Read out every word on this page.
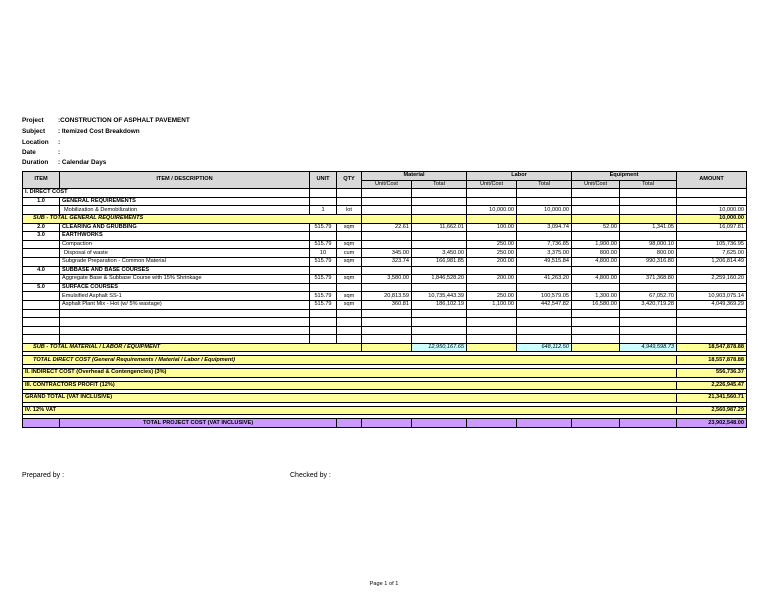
Project :CONSTRUCTION OF ASPHALT PAVEMENT
Subject : Itemized Cost Breakdown
Location :
Date	:
Duration : Calendar Days
ITEM	ITEM / DESCRIPTION	UNIT	QTY	Material		Labor		Equipment		AMOUNT
				Unit/Cost	Total	Unit/Cost	Total	Unit/Cost	Total	
I. DIRECT COST										
1.0	GENERAL REQUIREMENTS									
	Mobilization & Demobilization	1	lot			10,000.00	10,000.00			10,000.00
SUB - TOTAL GENERAL REQUIREMENTS										10,000.00
2.0	CLEARING AND GRUBBING	515.79	sqm	22.61	11,662.01	100.00	3,094.74	52.00	1,341.05	16,097.81
3.0	EARTHWORKS									
	Compaction	515.79	sqm			250.00	7,736.85	1,900.00	98,000.10	105,736.95
	Disposal of waste	10	cum	345.00	3,450.00	250.00	3,375.00	800.00	800.00	7,625.00
	Subgrade Preparation - Common Material	515.79	sqm	323.74	166,981.85	200.00	49,515.84	4,800.00	990,316.80	1,206,814.49
4.0	SUBBASE AND BASE COURSES									
	Aggregate Base & Subbase Course with 15% Shrinkage	515.79	sqm	3,580.00	1,846,528.20	200.00	41,263.20	4,800.00	371,368.80	2,259,160.20
5.0	SURFACE COURSES									
	Emulsified Asphalt SS-1	515.79	sqm	20,813.59	10,735,443.39	250.00	100,579.05	1,300.00	67,052.70	10,903,075.14
	Asphalt Plant Mix - Hot (w/ 5% wastage)	515.79	sqm	360.81	186,102.19	1,100.00	442,547.82	16,580.00	3,420,719.28	4,049,369.29

SUB - TOTAL MATERIAL / LABOR / EQUIPMENT					12,950,167.65		648,112.50		4,949,598.73	18,547,878.88

TOTAL DIRECT COST (General Requirements / Material / Labor / Equipment)										18,557,878.88

II. INDIRECT COST (Overhead & Contengencies) (3%)										556,736.37

III. CONTRACTORS PROFIT (12%)										2,226,945.47

GRAND TOTAL (VAT INCLUSIVE)										21,341,560.71

IV. 12% VAT										2,560,987.29

	TOTAL PROJECT COST (VAT INCLUSIVE)									23,902,548.00
Prepared by :	Checked by :
Page 1 of 1
